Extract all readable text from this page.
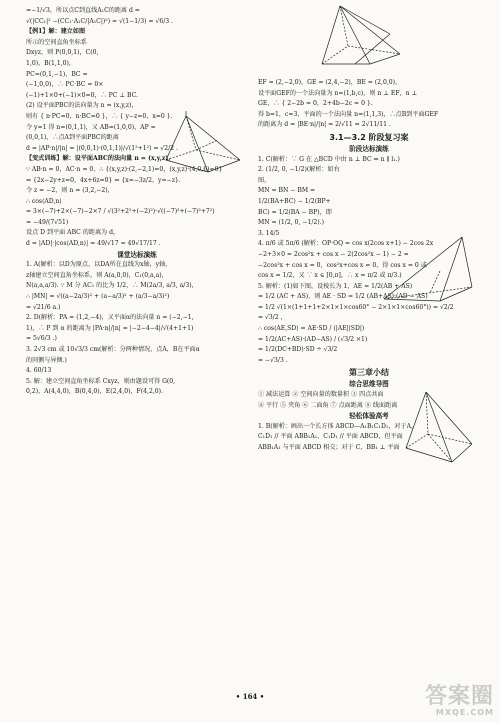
=−1/√3，所以点C到直线A₁C的距离 d =
√(|CC₁|² −(CC₁·A₁C/|A₁C|)²) = √(1−1/3) = √6/3 .
【例1】解：建立如图
所示的空间直角坐标系
Dxyz，则 P(0,0,1)，C(0,
1,0)，B(1,1,0)，
PC=(0,1,−1)，BC =
(−1,0,0)，∴ PC·BC = 0×
(−1)+1×0+(−1)×0=0，∴ PC ⊥ BC.
(2) 设平面PBC的法向量为 n = (x,y,z)，
则有 { n·PC=0，n·BC=0 }，∴ { y−z=0，x=0 }.
令 y=1 得 n=(0,1,1)，又 AB=(1,0,0)，AP =
(0,0,1)，∴点A到平面PBC的距离
d = |AP·n|/|n| = |(0,0,1)·(0,1,1)|/√(1²+1²) = √2/2 .
【变式训练】解：设平面ABC的法向量 n = (x,y,z)，
∵ AB·n = 0，AC·n = 0，∴ {(x,y,z)·(2,−2,1)=0，(x,y,z)·(4,0,6)=0}
⇒ {2x−2y+z=0，4x+6z=0} ⇒ {x=−3z/2，y=−z}.
令 z = −2，则 n = (3,2,−2)，
∴ cos⟨AD,n⟩
= 3×(−7)+2×(−7)−2×7 / √(3²+2²+(−2)²)·√((−7)²+(−7)²+7²)
= −49/(7√51)
设点 D 到平面 ABC 的距离为 d，
d = |AD|·|cos⟨AD,n⟩| = 49/√17 = 49√17/17 .
课堂达标演练
1. A(解析：以D为原点，以DA所在直线为x轴，y轴，
z轴建立空间直角坐标系，则 A(a,0,0)，C₁(0,a,a)，
N(a,a,a/3). ∵ M 分 AC₁ 的比为 1/2，∴ M(2a/3, a/3, a/3)，
∴ |MN| = √((a−2a/3)² + (a−a/3)² + (a/3−a/3)²)
= √21/6 a.)
2. D(解析：PA = (1,2,−4)，又平面α的法向量 n = (−2,−1,
1)，∴ P 到 α 的距离为 |PA·n|/|n| = |−2−4−4|/√(4+1+1)
= 5√6/3 .)
3. 2√3 cm 或 10√3/3 cm(解析：分两种情况，点A，B在平面α
的同侧与异侧.)
4. 60/13
5. 解：建立空间直角坐标系 Cxyz，则由题设可得 G(0,
0,2)，A(4,4,0)，B(0,4,0)，E(2,4,0)，F(4,2,0).
EF = (2,−2,0)，GE = (2,4,−2)，BE = (2,0,0)，
设平面GEF的一个法向量为 n=(1,b,c)，则 n ⊥ EF，n ⊥
GE，∴ { 2−2b = 0，2+4b−2c = 0 }.
得 b=1，c=3，平面的一个法向量 n=(1,1,3)，∴点B到平面GEF
的距离为 d = |BE·n|/|n| = 2/√11 = 2√11/11 .
3.1—3.2 阶段复习案
阶段达标演练
1. C(解析：∵ G 在 △BCD 中由 n ⊥ BC ⇒ n ∥ l₁.)
2. (1/2, 0, −1/2)(解析：如右
图，
MN = BN − BM =
1/2(BA+BC) − 1/2(BP+
BC) = 1/2(BA − BP)，即
MN = (1/2, 0, −1/2).)
3. 14/5
4. π/6 或 5π/6 (解析：OP·OQ = cos x(2cos x+1) − 2cos 2x
−2+3×0 = 2cos²x + cos x − 2(2cos²x − 1) − 2 =
−2cos²x + cos x = 0，cos²x+cos x = 0，得 cos x = 0 或
cos x = 1/2，又 ∵ x ∈ [0,π]，∴ x = π/2 或 π/3.)
5. 解析：(1)如下图，设棱长为 1，AE = 1/2(AB + AS)
= 1/2 (AC + AS)，则 AE · SD = 1/2 (AB+AS)·(AD − AS)
= 1/2 √(1×(1+1+1+2×1×1×cos60° − 2×1×1×cos60°)) = √2/2
= √3/2 ，
∴ cos⟨AE,SD⟩ = AE·SD / (|AE||SD|)
= 1/2(AC+AS)·(AD−AS) / (√3/2 ×1)
= 1/2(DC+BD)·SD ÷ √3/2
= −√3/3 .
第三章小结
综合思维导图
① 减法运算 ② 空间向量的数量积 ③ 四点共面
④ 平行 ⑤ 夹角 ⑥ 二面角 ⑦ 点面距离 ⑧ 线面距离
轻松体验高考
1. B(解析：画出一个长方体 ABCD—A₁B₁C₁D₁，对于A，
C₁D₁ // 平面 ABB₁A₁，C₁D₁ // 平面 ABCD，但平面
ABB₁A₁ 与平面 ABCD 相交；对于 C，BB₁ ⊥ 平面
• 164 •	答案圈
MXQE.COM
